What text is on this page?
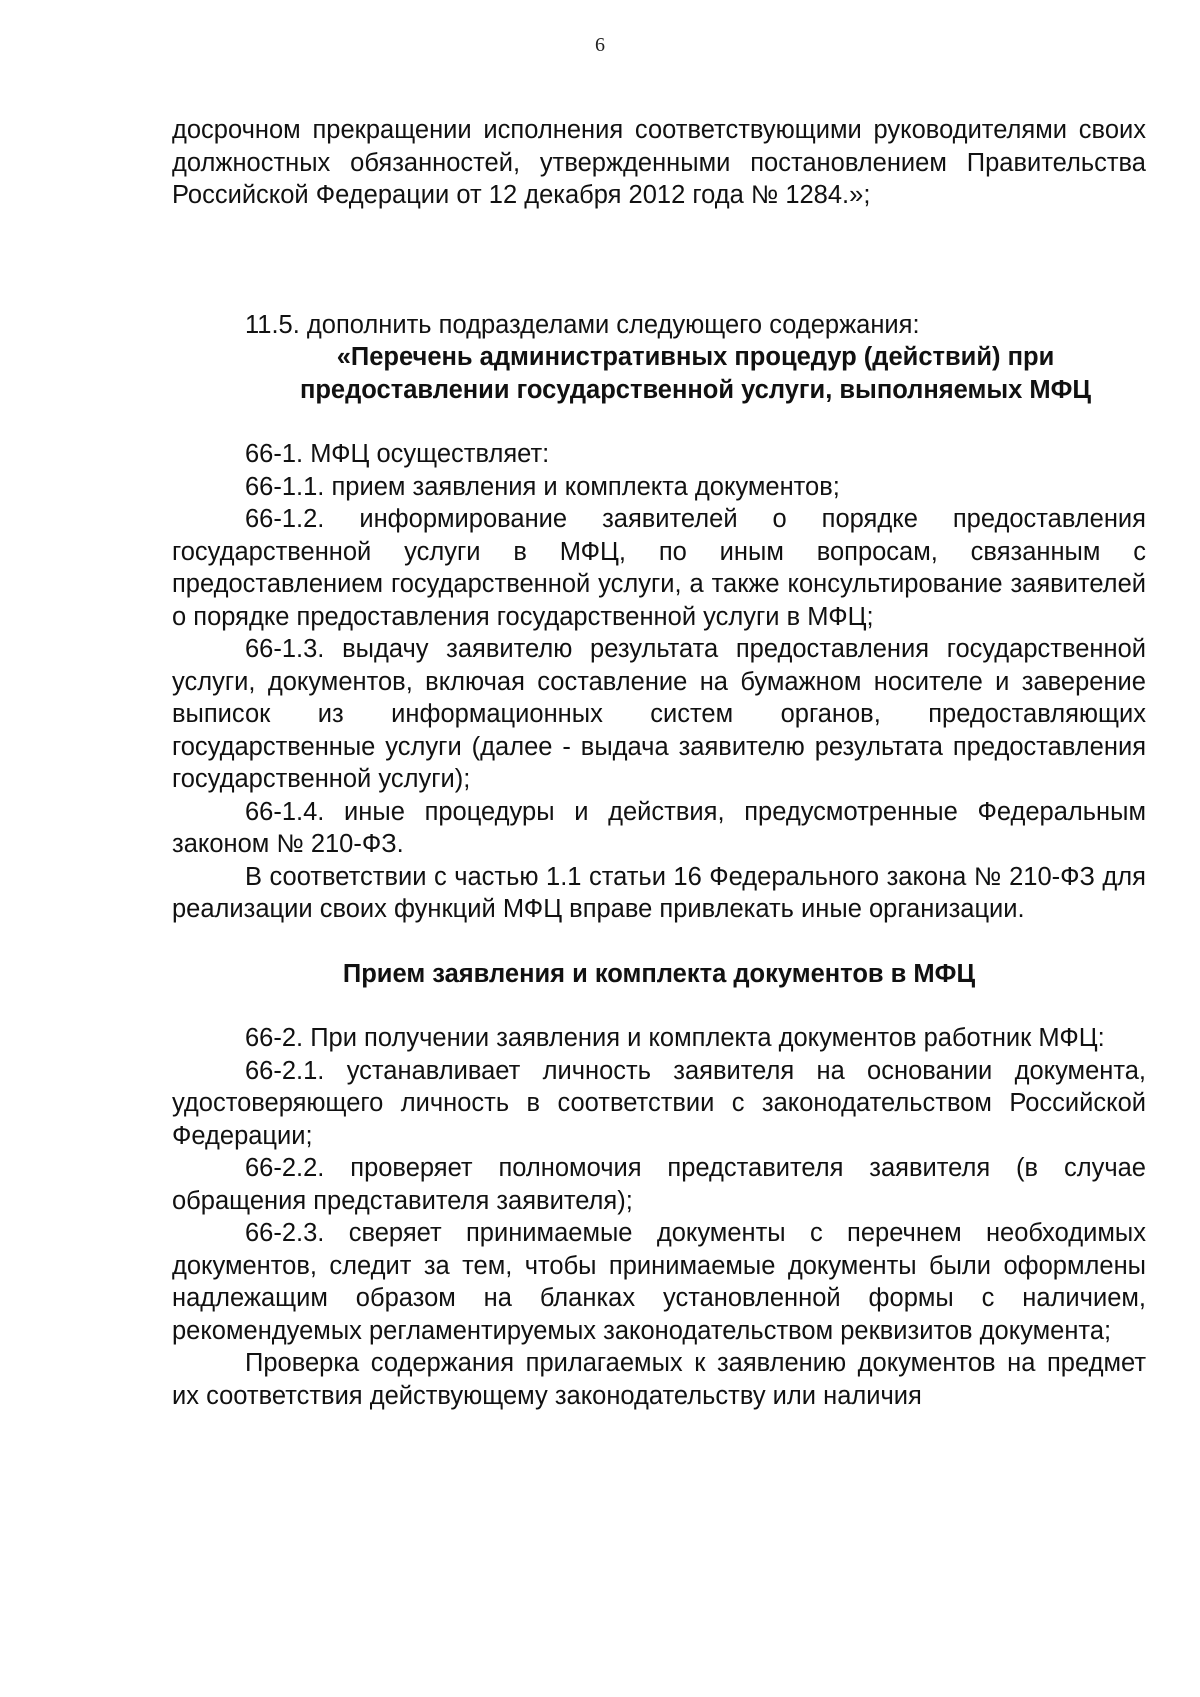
6

досрочном прекращении исполнения соответствующими руководителями своих должностных обязанностей, утвержденными постановлением Правительства Российской Федерации от 12 декабря 2012 года № 1284.»;

11.5. дополнить подразделами следующего содержания:

«Перечень административных процедур (действий) при предоставлении государственной услуги, выполняемых МФЦ

66-1. МФЦ осуществляет:

66-1.1. прием заявления и комплекта документов;

66-1.2. информирование заявителей о порядке предоставления государственной услуги в МФЦ, по иным вопросам, связанным с предоставлением государственной услуги, а также консультирование заявителей о порядке предоставления государственной услуги в МФЦ;

66-1.3. выдачу заявителю результата предоставления государственной услуги, документов, включая составление на бумажном носителе и заверение выписок из информационных систем органов, предоставляющих государственные услуги (далее - выдача заявителю результата предоставления государственной услуги);

66-1.4. иные процедуры и действия, предусмотренные Федеральным законом № 210-ФЗ.

В соответствии с частью 1.1 статьи 16 Федерального закона № 210-ФЗ для реализации своих функций МФЦ вправе привлекать иные организации.

Прием заявления и комплекта документов в МФЦ

66-2. При получении заявления и комплекта документов работник МФЦ:

66-2.1. устанавливает личность заявителя на основании документа, удостоверяющего личность в соответствии с законодательством Российской Федерации;

66-2.2. проверяет полномочия представителя заявителя (в случае обращения представителя заявителя);

66-2.3. сверяет принимаемые документы с перечнем необходимых документов, следит за тем, чтобы принимаемые документы были оформлены надлежащим образом на бланках установленной формы с наличием, рекомендуемых регламентируемых законодательством реквизитов документа;

Проверка содержания прилагаемых к заявлению документов на предмет их соответствия действующему законодательству или наличия
